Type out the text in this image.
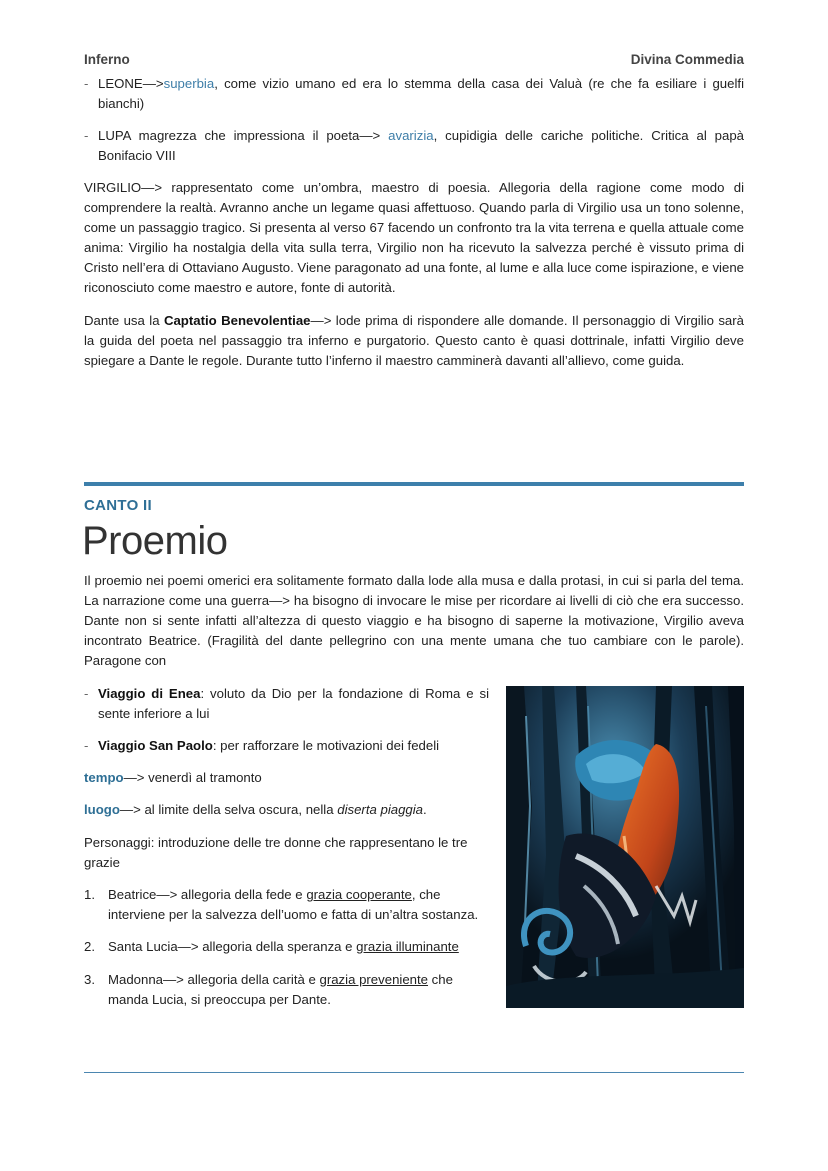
Inferno	Divina Commedia
- LEONE—>superbia, come vizio umano ed era lo stemma della casa dei Valuà (re che fa esiliare i guelfi bianchi)
- LUPA magrezza che impressiona il poeta—> avarizia, cupidigia delle cariche politiche. Critica al papà Bonifacio VIII
VIRGILIO—> rappresentato come un’ombra, maestro di poesia. Allegoria della ragione come modo di comprendere la realtà. Avranno anche un legame quasi affettuoso. Quando parla di Virgilio usa un tono solenne, come un passaggio tragico. Si presenta al verso 67 facendo un confronto tra la vita terrena e quella attuale come anima: Virgilio ha nostalgia della vita sulla terra, Virgilio non ha ricevuto la salvezza perché è vissuto prima di Cristo nell’era di Ottaviano Augusto. Viene paragonato ad una fonte, al lume e alla luce come ispirazione, e viene riconosciuto come maestro e autore, fonte di autorità.
Dante usa la Captatio Benevolentiae—> lode prima di rispondere alle domande. Il personaggio di Virgilio sarà la guida del poeta nel passaggio tra inferno e purgatorio. Questo canto è quasi dottrinale, infatti Virgilio deve spiegare a Dante le regole. Durante tutto l’inferno il maestro camminerà davanti all’allievo, come guida.
CANTO II
Proemio
Il proemio nei poemi omerici era solitamente formato dalla lode alla musa e dalla protasi, in cui si parla del tema. La narrazione come una guerra—> ha bisogno di invocare le mise per ricordare ai livelli di ciò che era successo. Dante non si sente infatti all’altezza di questo viaggio e ha bisogno di saperne la motivazione, Virgilio aveva incontrato Beatrice. (Fragilità del dante pellegrino con una mente umana che tuo cambiare con le parole). Paragone con
- Viaggio di Enea: voluto da Dio per la fondazione di Roma e si sente inferiore a lui
- Viaggio San Paolo: per rafforzare le motivazioni dei fedeli
tempo—> venerdì al tramonto
luogo—> al limite della selva oscura, nella diserta piaggia.
Personaggi: introduzione delle tre donne che rappresentano le tre grazie
1. Beatrice—> allegoria della fede e grazia cooperante, che interviene per la salvezza dell’uomo e fatta di un’altra sostanza.
2. Santa Lucia—> allegoria della speranza e grazia illuminante
3. Madonna—> allegoria della carità e grazia preveniente che manda Lucia, si preoccupa per Dante.
